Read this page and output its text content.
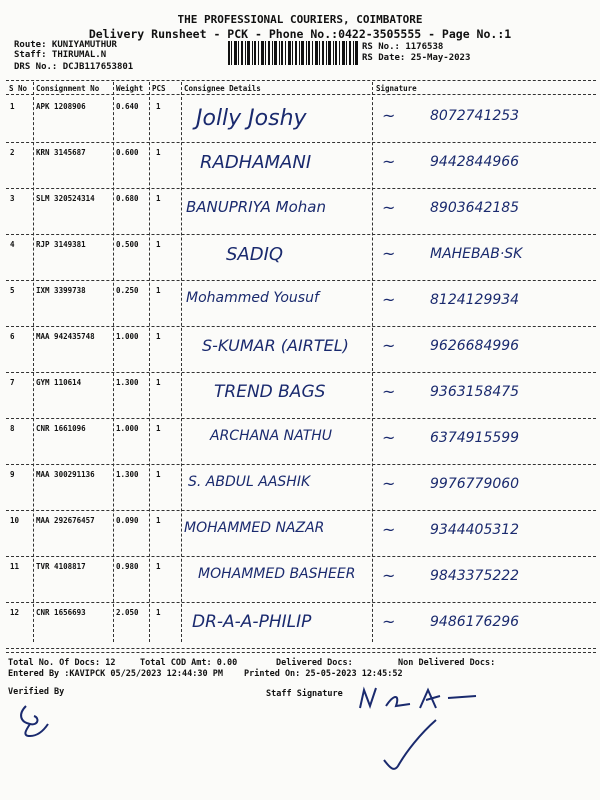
THE PROFESSIONAL COURIERS, COIMBATORE
Delivery Runsheet - PCK - Phone No.:0422-3505555 - Page No.:1
Route: KUNIYAMUTHUR
Staff: THIRUMAL.N
DRS No.: DCJB117653801
RS No.: 1176538
RS Date: 25-May-2023
S No Consignment No Weight PCS Consignee Details	Signature
1	APK 1208906	0.640 1 Jolly Joshy	8072741253
~
2	KRN 3145687	0.600 1 RADHAMANI	9442844966
~
3	SLM 320524314	0.680 1 BANUPRIYA Mohan	8903642185
~
4	RJP 3149381	0.500 1	SADIQ	MAHEBAB·SK
~
5	IXM 3399738	0.250 1 Mohammed Yousuf	8124129934
~
6	MAA 942435748	1.000 1	S-KUMAR (AIRTEL)	9626684996
~
7	GYM 110614	1.300 1	TREND BAGS	9363158475
~
8	CNR 1661096	1.000 1	ARCHANA NATHU	6374915599
~
9	MAA 300291136	1.300 1 S. ABDUL AASHIK	9976779060
~
10 MAA 292676457	0.090 1 MOHAMMED NAZAR	9344405312
~
11 TVR 4108817	0.980 1	MOHAMMED BASHEER	9843375222
~
12 CNR 1656693	2.050 1 DR-A-A-PHILIP	9486176296
~
Total No. Of Docs: 12	Total COD Amt: 0.00	Delivered Docs:	Non Delivered Docs:
Entered By :KAVIPCK 05/25/2023 12:44:30 PM Printed On: 25-05-2023 12:45:52
Verified By	Staff Signature
